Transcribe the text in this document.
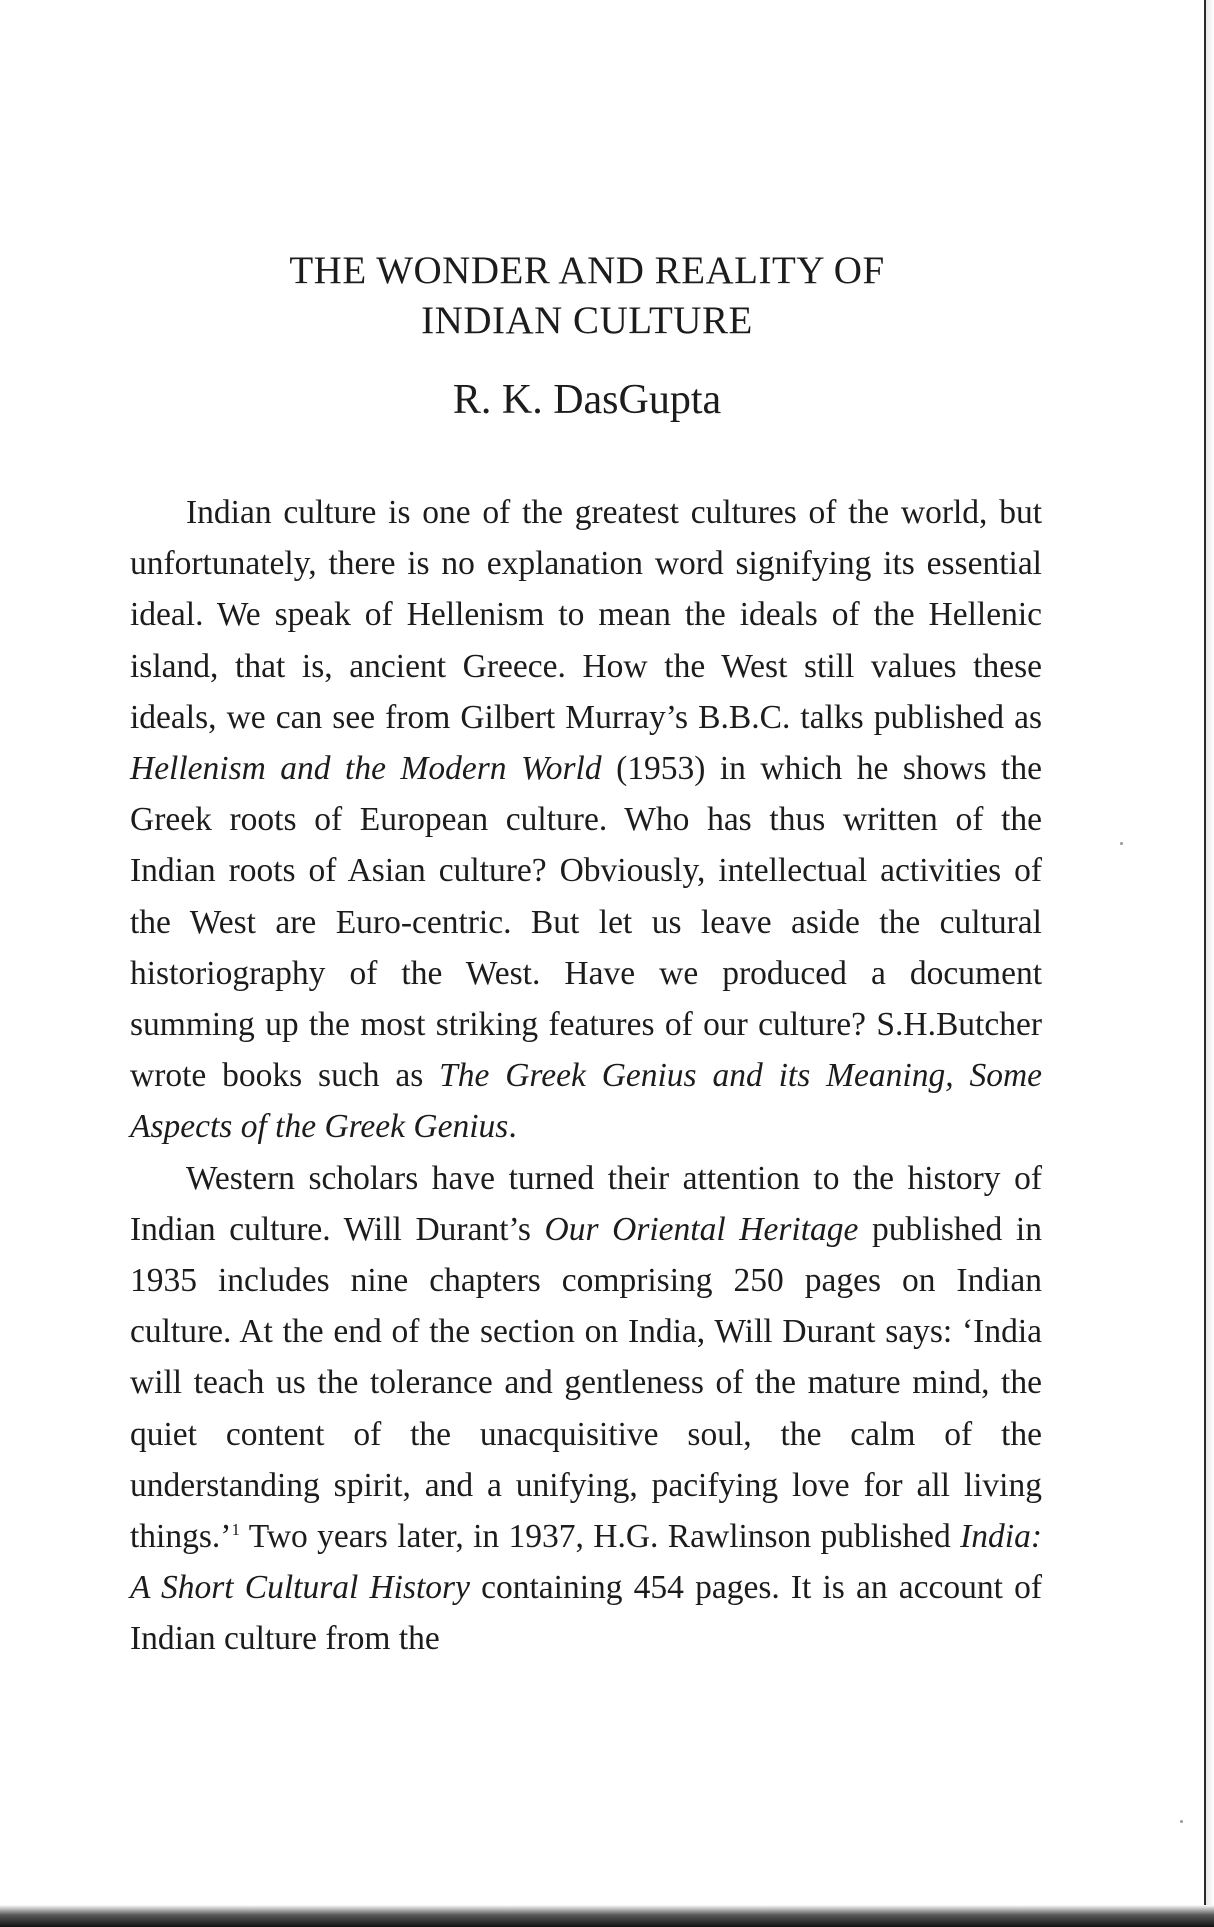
THE WONDER AND REALITY OF
INDIAN CULTURE
R. K. DasGupta

Indian culture is one of the greatest cultures of the world, but unfortunately, there is no explanation word signifying its essential ideal. We speak of Hellenism to mean the ideals of the Hellenic island, that is, ancient Greece. How the West still values these ideals, we can see from Gilbert Murray’s B.B.C. talks published as Hellenism and the Modern World (1953) in which he shows the Greek roots of European culture. Who has thus written of the Indian roots of Asian culture? Obviously, intellectual activities of the West are Euro-centric. But let us leave aside the cultural historiography of the West. Have we produced a document summing up the most striking features of our culture? S.H.Butcher wrote books such as The Greek Genius and its Meaning, Some Aspects of the Greek Genius.

Western scholars have turned their attention to the history of Indian culture. Will Durant’s Our Oriental Heritage published in 1935 includes nine chapters comprising 250 pages on Indian culture. At the end of the section on India, Will Durant says: ‘India will teach us the tolerance and gentleness of the mature mind, the quiet content of the unacquisitive soul, the calm of the understanding spirit, and a unifying, pacifying love for all living things.’$^1$ Two years later, in 1937, H.G. Rawlinson published India: A Short Cultural History containing 454 pages. It is an account of Indian culture from the
